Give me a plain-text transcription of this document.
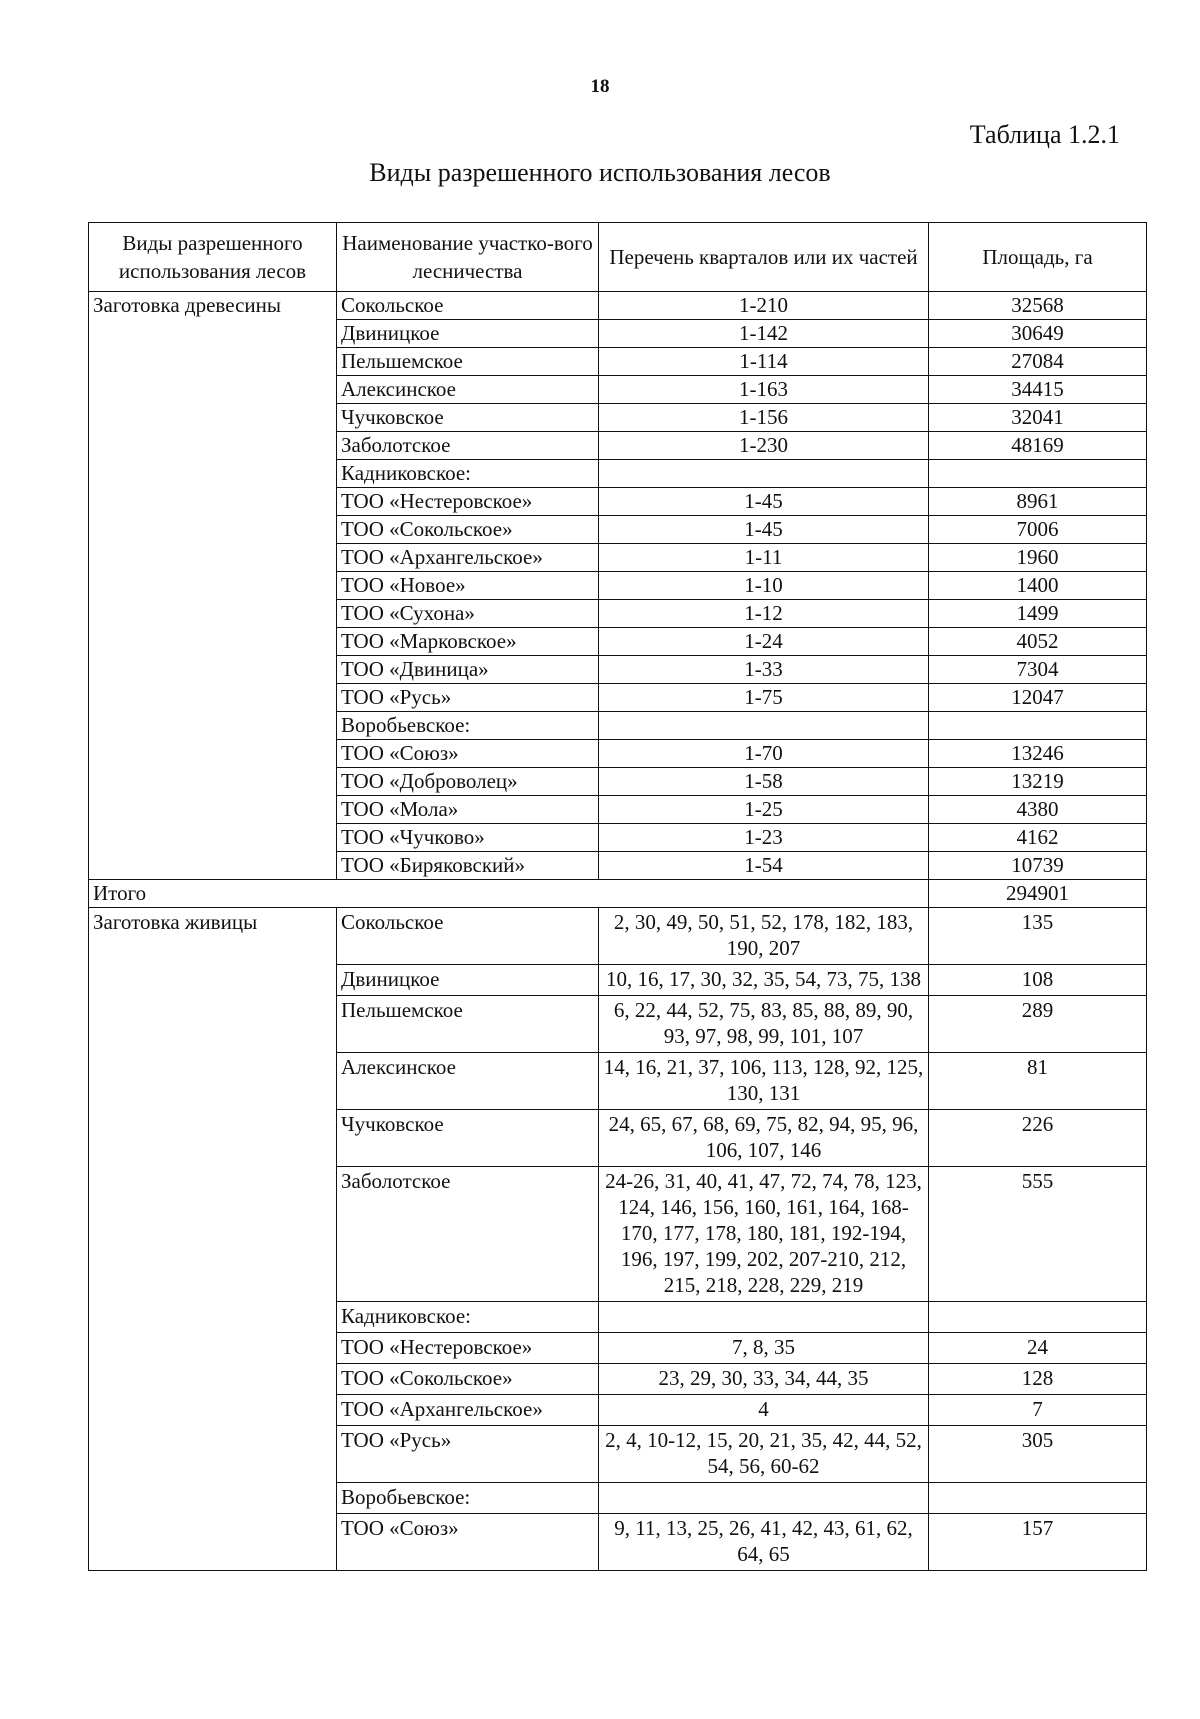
18
Таблица 1.2.1
Виды разрешенного использования лесов
Виды разрешенного использования лесов	Наименование участко-вого лесничества	Перечень кварталов или их частей	Площадь, га
Заготовка древесины	Сокольское	1-210	32568
	Двиницкое	1-142	30649
	Пельшемское	1-114	27084
	Алексинское	1-163	34415
	Чучковское	1-156	32041
	Заболотское	1-230	48169
	Кадниковское:		
	ТОО «Нестеровское»	1-45	8961
	ТОО «Сокольское»	1-45	7006
	ТОО «Архангельское»	1-11	1960
	ТОО «Новое»	1-10	1400
	ТОО «Сухона»	1-12	1499
	ТОО «Марковское»	1-24	4052
	ТОО «Двиница»	1-33	7304
	ТОО «Русь»	1-75	12047
	Воробьевское:		
	ТОО «Союз»	1-70	13246
	ТОО «Доброволец»	1-58	13219
	ТОО «Мола»	1-25	4380
	ТОО «Чучково»	1-23	4162
	ТОО «Биряковский»	1-54	10739
Итого			294901
Заготовка живицы	Сокольское	2, 30, 49, 50, 51, 52, 178, 182, 183, 190, 207	135
	Двиницкое	10, 16, 17, 30, 32, 35, 54, 73, 75, 138	108
	Пельшемское	6, 22, 44, 52, 75, 83, 85, 88, 89, 90, 93, 97, 98, 99, 101, 107	289
	Алексинское	14, 16, 21, 37, 106, 113, 128, 92, 125, 130, 131	81
	Чучковское	24, 65, 67, 68, 69, 75, 82, 94, 95, 96, 106, 107, 146	226
	Заболотское	24-26, 31, 40, 41, 47, 72, 74, 78, 123, 124, 146, 156, 160, 161, 164, 168-170, 177, 178, 180, 181, 192-194, 196, 197, 199, 202, 207-210, 212, 215, 218, 228, 229, 219	555
	Кадниковское:		
	ТОО «Нестеровское»	7, 8, 35	24
	ТОО «Сокольское»	23, 29, 30, 33, 34, 44, 35	128
	ТОО «Архангельское»	4	7
	ТОО «Русь»	2, 4, 10-12, 15, 20, 21, 35, 42, 44, 52, 54, 56, 60-62	305
	Воробьевское:		
	ТОО «Союз»	9, 11, 13, 25, 26, 41, 42, 43, 61, 62, 64, 65	157
